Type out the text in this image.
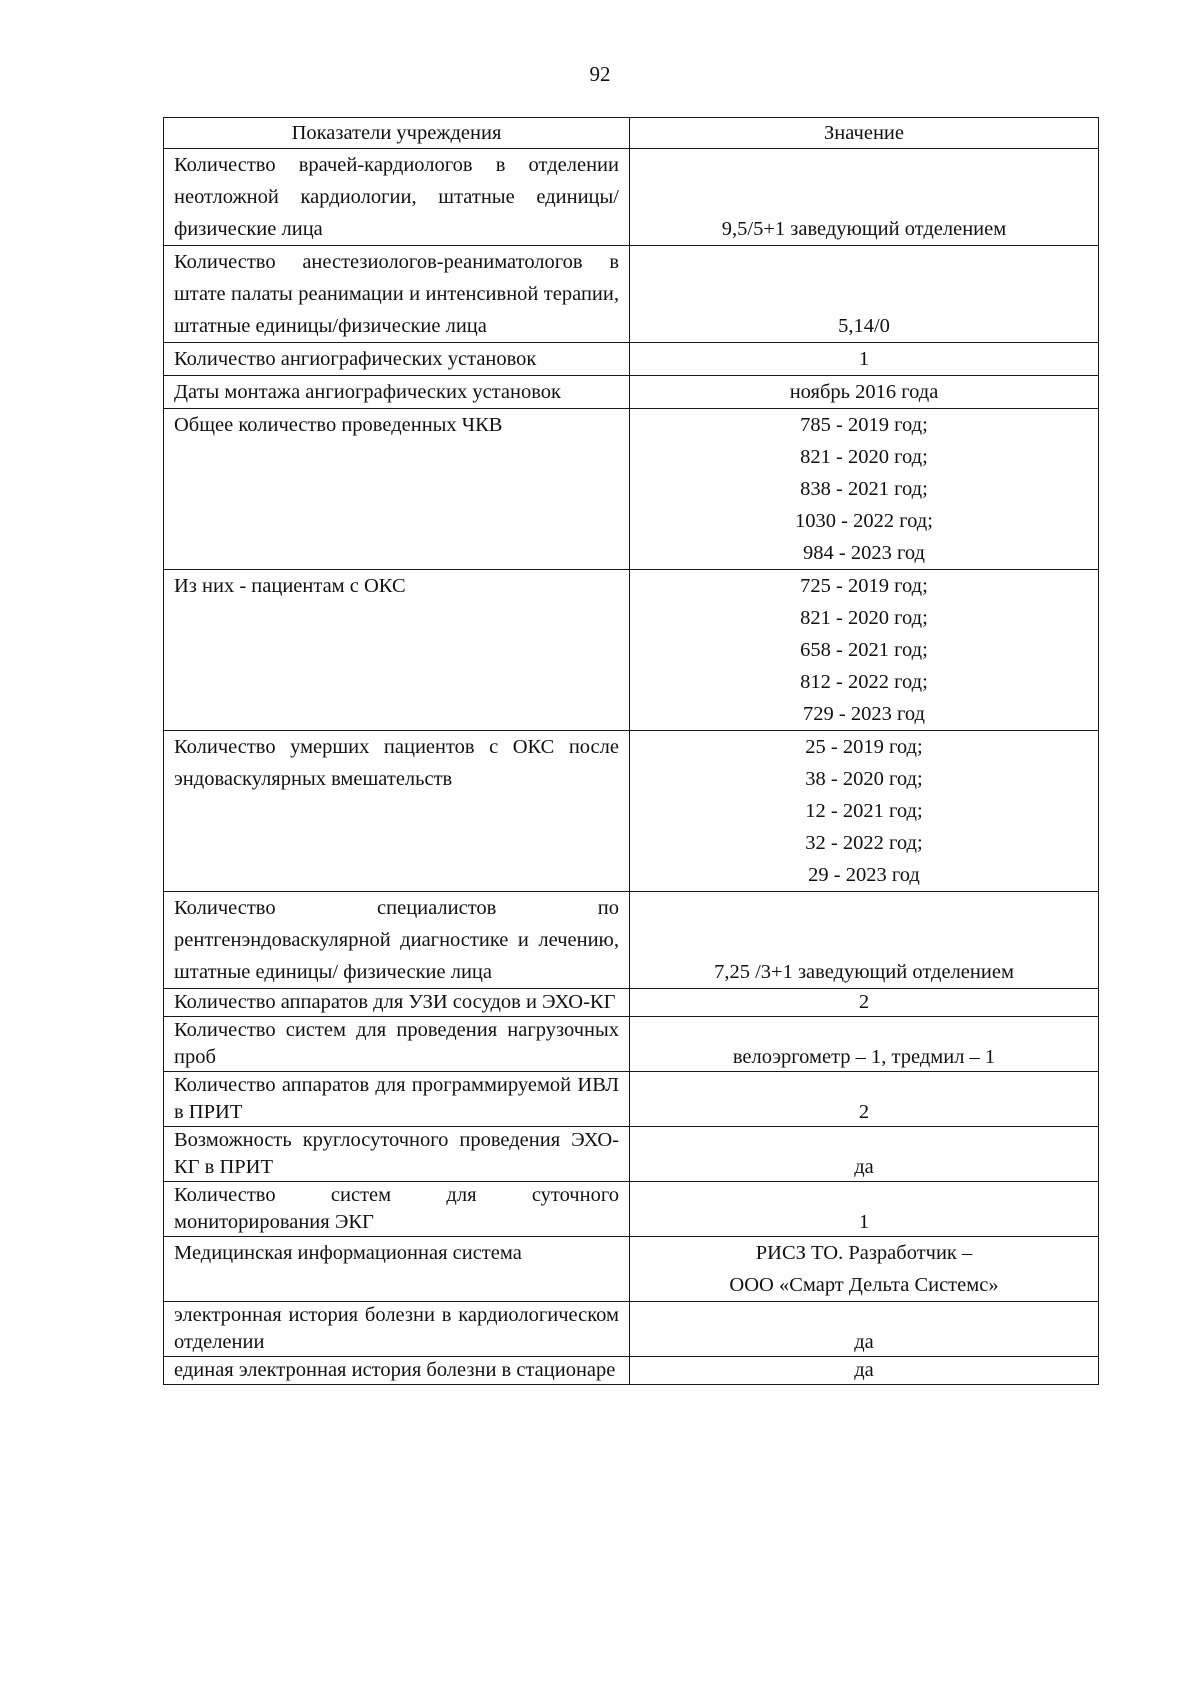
92
Показатели учреждения	Значение
Количество врачей-кардиологов в отделении неотложной кардиологии, штатные единицы/физические лица	9,5/5+1 заведующий отделением

Количество анестезиологов-реаниматологов в штате палаты реанимации и интенсивной терапии, штатные единицы/физические лица	5,14/0

Количество ангиографических установок	1

Даты монтажа ангиографических установок	ноябрь 2016 года

Общее количество проведенных ЧКВ	785 - 2019 год;
821 - 2020 год;
838 - 2021 год;
1030 - 2022 год;
984 - 2023 год

Из них - пациентам с ОКС	725 - 2019 год;
821 - 2020 год;
658 - 2021 год;
812 - 2022 год;
729 - 2023 год

Количество умерших пациентов с ОКС после эндоваскулярных вмешательств	25 - 2019 год;
38 - 2020 год;
12 - 2021 год;
32 - 2022 год;
29 - 2023 год

Количество специалистов по рентгенэндоваскулярной диагностике и лечению, штатные единицы/ физические лица	7,25 /3+1 заведующий отделением

Количество аппаратов для УЗИ сосудов и ЭХО-КГ	2

Количество систем для проведения нагрузочных проб	велоэргометр – 1, тредмил – 1

Количество аппаратов для программируемой ИВЛ в ПРИТ	2

Возможность круглосуточного проведения ЭХО-КГ в ПРИТ	да

Количество систем для суточного мониторирования ЭКГ	1

Медицинская информационная система	РИСЗ ТО. Разработчик –
ООО «Смарт Дельта Системс»

электронная история болезни в кардиологическом отделении	да

единая электронная история болезни в стационаре	да
